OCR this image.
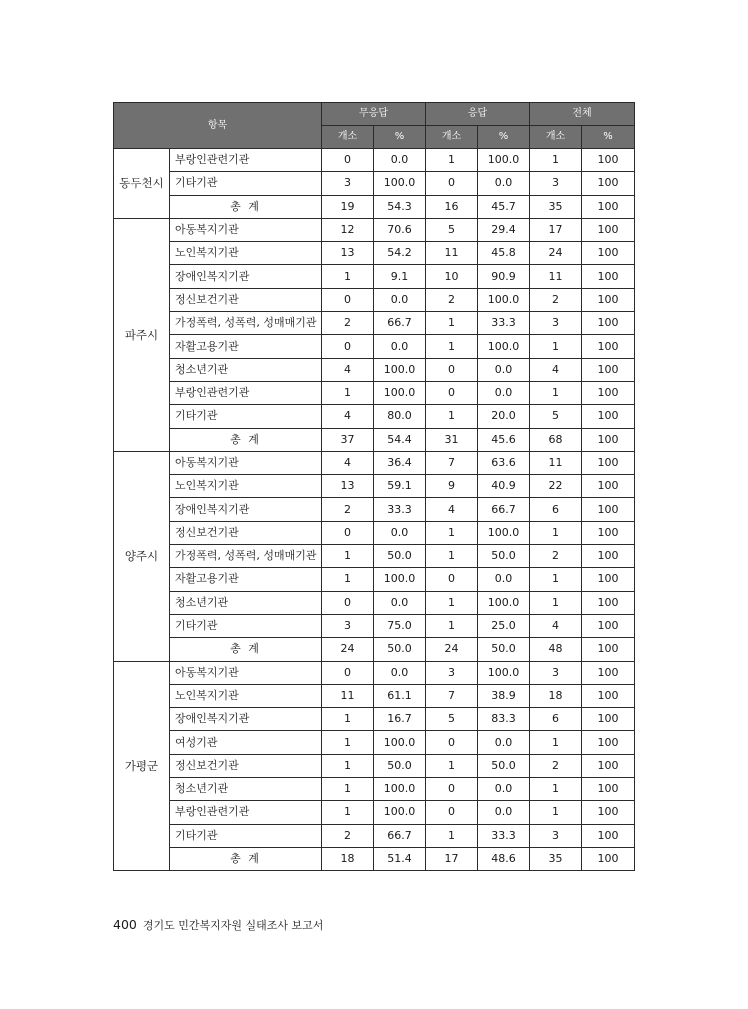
항목		무응답		응답		전체	
		개소	%	개소	%	개소	%
동두천시	부랑인관련기관	0	0.0	1	100.0	1	100
	기타기관	3	100.0	0	0.0	3	100
	총 계	19	54.3	16	45.7	35	100
파주시	아동복지기관	12	70.6	5	29.4	17	100
	노인복지기관	13	54.2	11	45.8	24	100
	장애인복지기관	1	9.1	10	90.9	11	100
	정신보건기관	0	0.0	2	100.0	2	100
	가정폭력, 성폭력, 성매매기관	2	66.7	1	33.3	3	100
	자활고용기관	0	0.0	1	100.0	1	100
	청소년기관	4	100.0	0	0.0	4	100
	부랑인관련기관	1	100.0	0	0.0	1	100
	기타기관	4	80.0	1	20.0	5	100
	총 계	37	54.4	31	45.6	68	100
양주시	아동복지기관	4	36.4	7	63.6	11	100
	노인복지기관	13	59.1	9	40.9	22	100
	장애인복지기관	2	33.3	4	66.7	6	100
	정신보건기관	0	0.0	1	100.0	1	100
	가정폭력, 성폭력, 성매매기관	1	50.0	1	50.0	2	100
	자활고용기관	1	100.0	0	0.0	1	100
	청소년기관	0	0.0	1	100.0	1	100
	기타기관	3	75.0	1	25.0	4	100
	총 계	24	50.0	24	50.0	48	100
가평군	아동복지기관	0	0.0	3	100.0	3	100
	노인복지기관	11	61.1	7	38.9	18	100
	장애인복지기관	1	16.7	5	83.3	6	100
	여성기관	1	100.0	0	0.0	1	100
	정신보건기관	1	50.0	1	50.0	2	100
	청소년기관	1	100.0	0	0.0	1	100
	부랑인관련기관	1	100.0	0	0.0	1	100
	기타기관	2	66.7	1	33.3	3	100
	총 계	18	51.4	17	48.6	35	100
400 경기도 민간복지자원 실태조사 보고서
